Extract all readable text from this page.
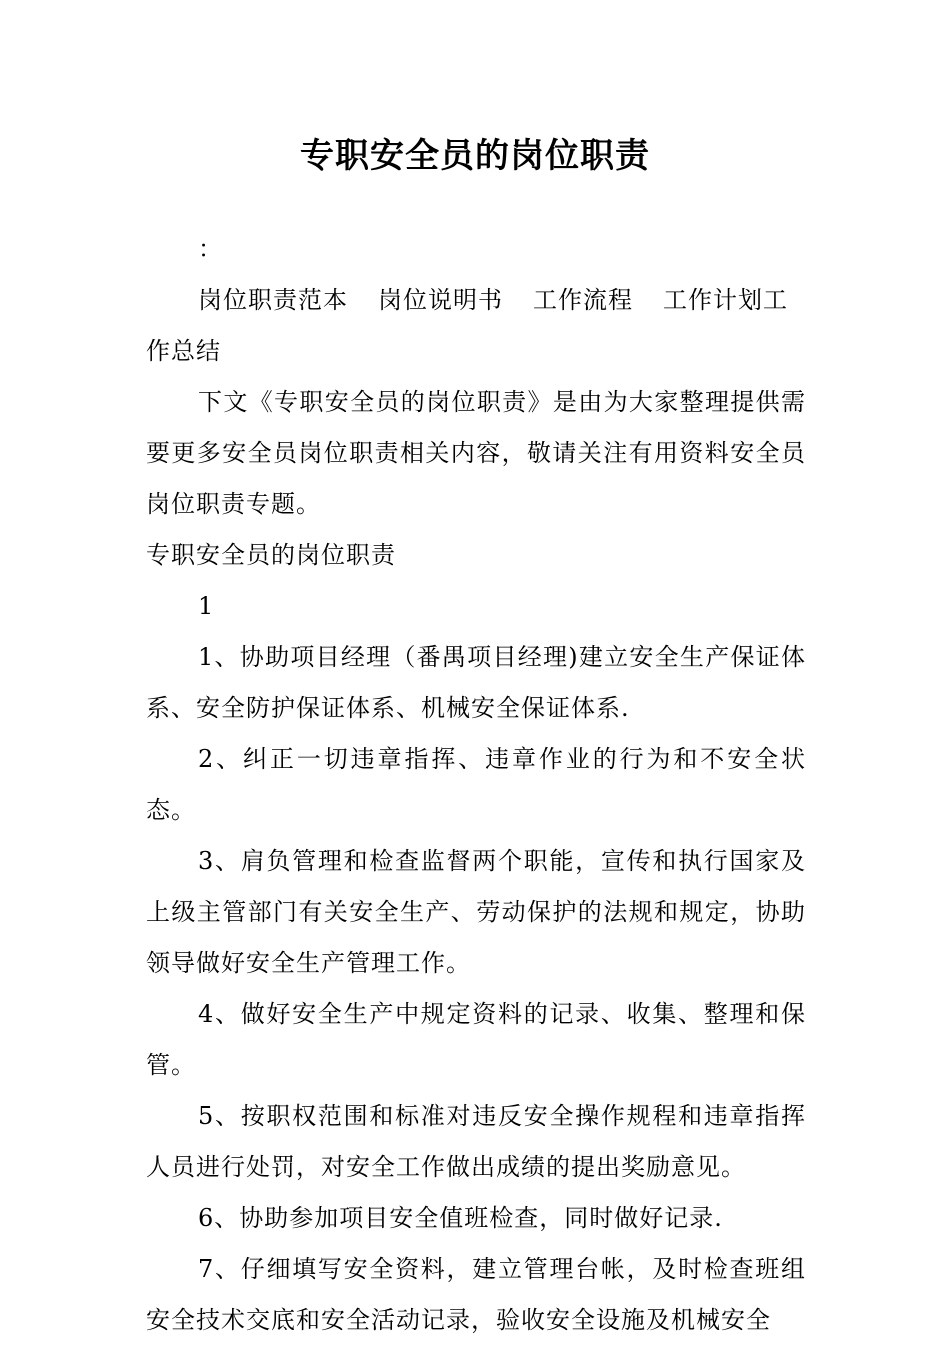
专职安全员的岗位职责

：

岗位职责范本 岗位说明书 工作流程 工作计划工作总结

下文《专职安全员的岗位职责》是由为大家整理提供需要更多安全员岗位职责相关内容，敬请关注有用资料安全员岗位职责专题。

专职安全员的岗位职责

1

1、协助项目经理（番禺项目经理)建立安全生产保证体系、安全防护保证体系、机械安全保证体系.

2、纠正一切违章指挥、违章作业的行为和不安全状态。

3、肩负管理和检查监督两个职能，宣传和执行国家及上级主管部门有关安全生产、劳动保护的法规和规定，协助领导做好安全生产管理工作。

4、做好安全生产中规定资料的记录、收集、整理和保管。

5、按职权范围和标准对违反安全操作规程和违章指挥人员进行处罚，对安全工作做出成绩的提出奖励意见。

6、协助参加项目安全值班检查，同时做好记录.

7、仔细填写安全资料，建立管理台帐，及时检查班组安全技术交底和安全活动记录，验收安全设施及机械安全
